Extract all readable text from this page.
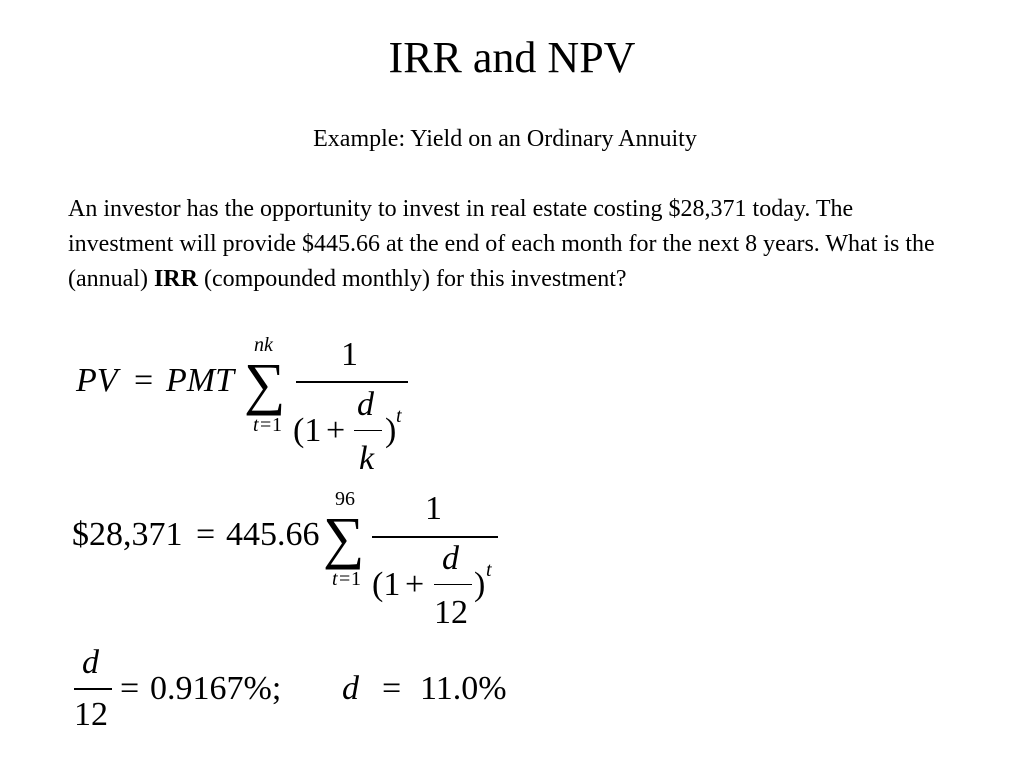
IRR and NPV
Example: Yield on an Ordinary Annuity
An investor has the opportunity to invest in real estate costing $28,371 today. The investment will provide $445.66 at the end of each month for the next 8 years. What is the (annual) IRR (compounded monthly) for this investment?
PV = PMT
nk
∑
t = 1
1
(1 +
d
k
) t
$28,371 = 445.66
96
∑
t = 1
1
(1 +
d
12
) t
d
12
= 0.9167%; d = 11.0%
